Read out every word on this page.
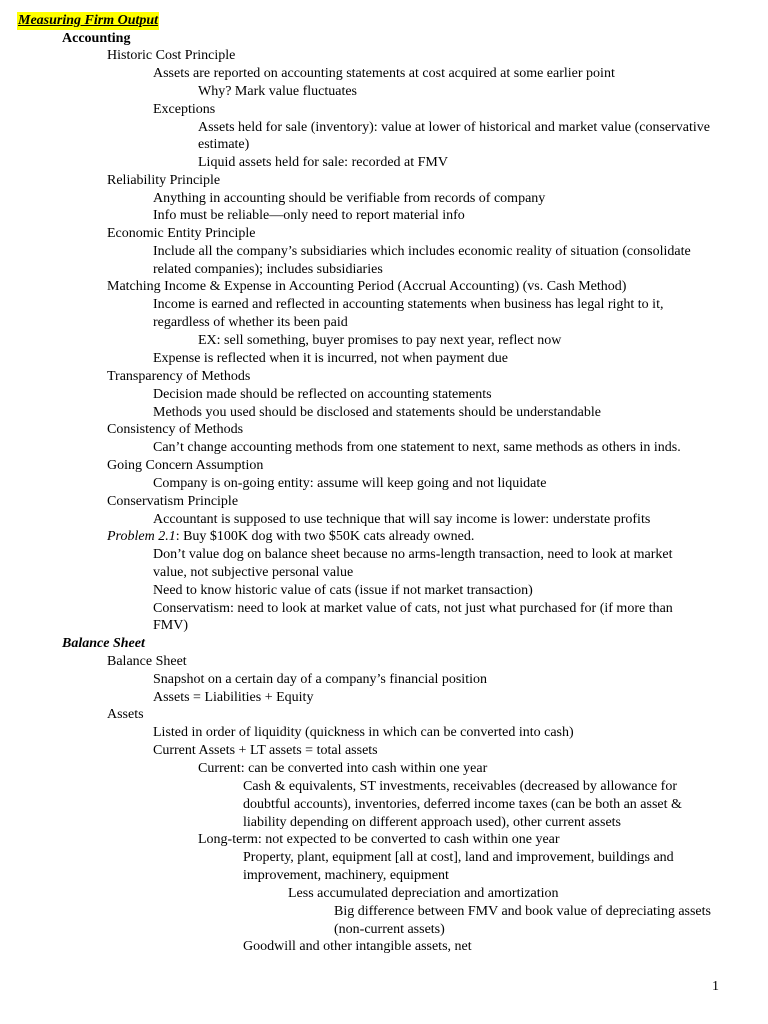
Measuring Firm Output
Accounting
Historic Cost Principle
Assets are reported on accounting statements at cost acquired at some earlier point
Why? Mark value fluctuates
Exceptions
Assets held for sale (inventory): value at lower of historical and market value (conservative
estimate)
Liquid assets held for sale: recorded at FMV
Reliability Principle
Anything in accounting should be verifiable from records of company
Info must be reliable—only need to report material info
Economic Entity Principle
Include all the company’s subsidiaries which includes economic reality of situation (consolidate
related companies); includes subsidiaries
Matching Income & Expense in Accounting Period (Accrual Accounting) (vs. Cash Method)
Income is earned and reflected in accounting statements when business has legal right to it,
regardless of whether its been paid
EX: sell something, buyer promises to pay next year, reflect now
Expense is reflected when it is incurred, not when payment due
Transparency of Methods
Decision made should be reflected on accounting statements
Methods you used should be disclosed and statements should be understandable
Consistency of Methods
Can’t change accounting methods from one statement to next, same methods as others in inds.
Going Concern Assumption
Company is on-going entity: assume will keep going and not liquidate
Conservatism Principle
Accountant is supposed to use technique that will say income is lower: understate profits
Problem 2.1: Buy $100K dog with two $50K cats already owned.
Don’t value dog on balance sheet because no arms-length transaction, need to look at market
value, not subjective personal value
Need to know historic value of cats (issue if not market transaction)
Conservatism: need to look at market value of cats, not just what purchased for (if more than
FMV)
Balance Sheet
Balance Sheet
Snapshot on a certain day of a company’s financial position
Assets = Liabilities + Equity
Assets
Listed in order of liquidity (quickness in which can be converted into cash)
Current Assets + LT assets = total assets
Current: can be converted into cash within one year
Cash & equivalents, ST investments, receivables (decreased by allowance for
doubtful accounts), inventories, deferred income taxes (can be both an asset &
liability depending on different approach used), other current assets
Long-term: not expected to be converted to cash within one year
Property, plant, equipment [all at cost], land and improvement, buildings and
improvement, machinery, equipment
Less accumulated depreciation and amortization
Big difference between FMV and book value of depreciating assets
(non-current assets)
Goodwill and other intangible assets, net
1
